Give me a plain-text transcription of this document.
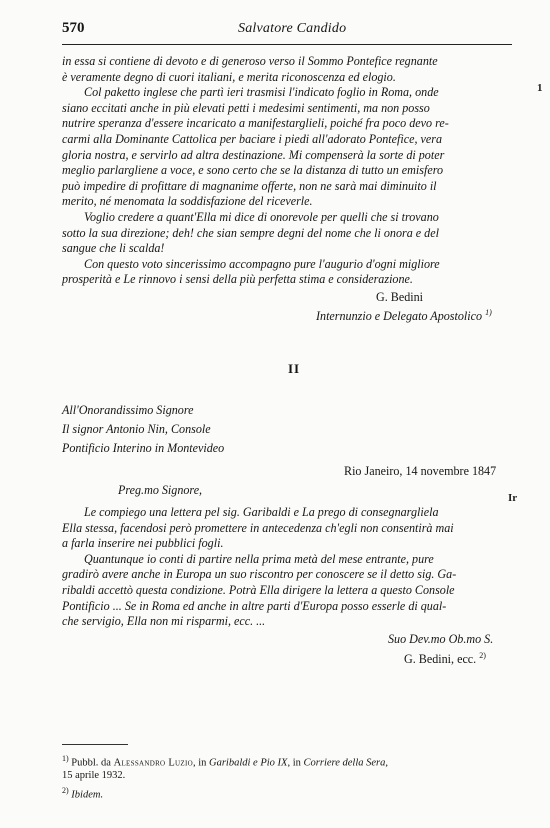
570	Salvatore Candido
in essa si contiene di devoto e di generoso verso il Sommo Pontefice regnante
è veramente degno di cuori italiani, e merita riconoscenza ed elogio.
Col paketto inglese che partì ieri trasmisi l'indicato foglio in Roma, onde
siano eccitati anche in più elevati petti i medesimi sentimenti, ma non posso
nutrire speranza d'essere incaricato a manifestarglieli, poiché fra poco devo re-
carmi alla Dominante Cattolica per baciare i piedi all'adorato Pontefice, vera
gloria nostra, e servirlo ad altra destinazione. Mi compenserà la sorte di poter
meglio parlargliene a voce, e sono certo che se la distanza di tutto un emisfero
può impedire di profittare di magnanime offerte, non ne sarà mai diminuito il
merito, né menomata la soddisfazione del riceverle.
Voglio credere a quant'Ella mi dice di onorevole per quelli che si trovano
sotto la sua direzione; deh! che sian sempre degni del nome che li onora e del
sangue che li scalda!
Con questo voto sincerissimo accompagno pure l'augurio d'ogni migliore
prosperità e Le rinnovo i sensi della più perfetta stima e considerazione.
1
G. Bedini
Internunzio e Delegato Apostolico $^{1)}$
II
All'Onorandissimo Signore
Il signor Antonio Nin, Console
Pontificio Interino in Montevideo
Rio Janeiro, 14 novembre 1847
Preg.mo Signore,
Ir
Le compiego una lettera pel sig. Garibaldi e La prego di consegnargliela
Ella stessa, facendosi però promettere in antecedenza ch'egli non consentirà mai
a farla inserire nei pubblici fogli.
Quantunque io conti di partire nella prima metà del mese entrante, pure
gradirò avere anche in Europa un suo riscontro per conoscere se il detto sig. Ga-
ribaldi accettò questa condizione. Potrà Ella dirigere la lettera a questo Console
Pontificio ... Se in Roma ed anche in altre parti d'Europa posso esserle di qual-
che servigio, Ella non mi risparmi, ecc. ...
Suo Dev.mo Ob.mo S.
G. Bedini, ecc. $^{2)}$
$^{1)}$ Pubbl. da Alessandro Luzio, in Garibaldi e Pio IX, in Corriere della Sera,
15 aprile 1932.
$^{2)}$ Ibidem.
